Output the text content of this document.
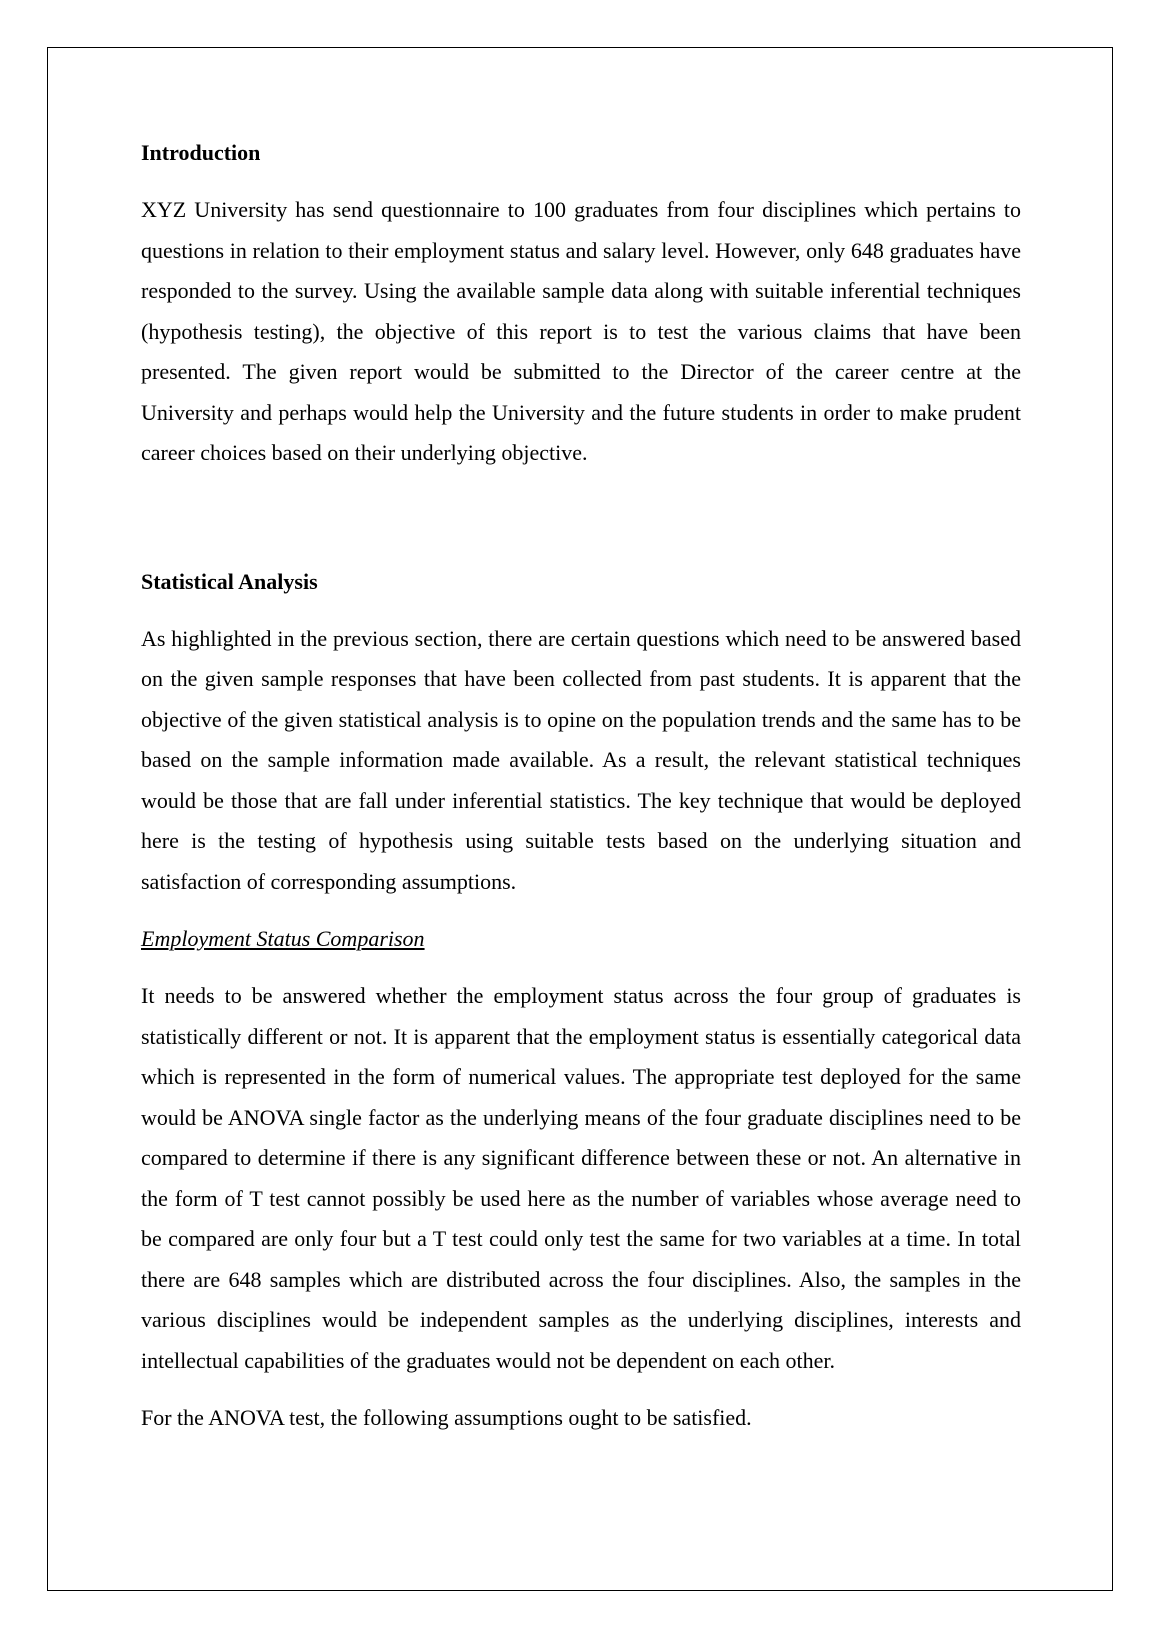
Introduction

XYZ University has send questionnaire to 100 graduates from four disciplines which pertains to questions in relation to their employment status and salary level. However, only 648 graduates have responded to the survey. Using the available sample data along with suitable inferential techniques (hypothesis testing), the objective of this report is to test the various claims that have been presented. The given report would be submitted to the Director of the career centre at the University and perhaps would help the University and the future students in order to make prudent career choices based on their underlying objective.

Statistical Analysis

As highlighted in the previous section, there are certain questions which need to be answered based on the given sample responses that have been collected from past students. It is apparent that the objective of the given statistical analysis is to opine on the population trends and the same has to be based on the sample information made available. As a result, the relevant statistical techniques would be those that are fall under inferential statistics. The key technique that would be deployed here is the testing of hypothesis using suitable tests based on the underlying situation and satisfaction of corresponding assumptions.

Employment Status Comparison

It needs to be answered whether the employment status across the four group of graduates is statistically different or not. It is apparent that the employment status is essentially categorical data which is represented in the form of numerical values. The appropriate test deployed for the same would be ANOVA single factor as the underlying means of the four graduate disciplines need to be compared to determine if there is any significant difference between these or not. An alternative in the form of T test cannot possibly be used here as the number of variables whose average need to be compared are only four but a T test could only test the same for two variables at a time. In total there are 648 samples which are distributed across the four disciplines. Also, the samples in the various disciplines would be independent samples as the underlying disciplines, interests and intellectual capabilities of the graduates would not be dependent on each other.

For the ANOVA test, the following assumptions ought to be satisfied.
